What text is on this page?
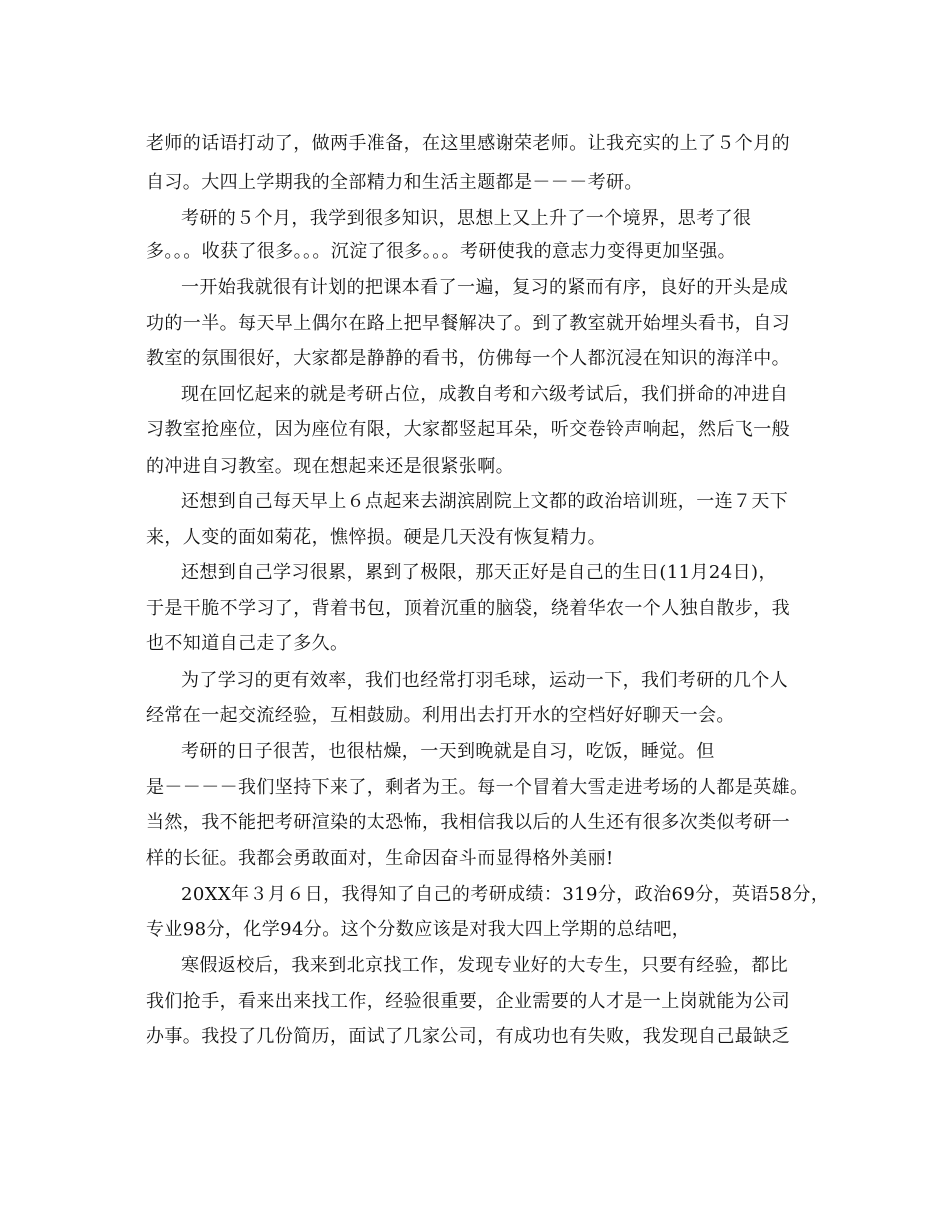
老师的话语打动了，做两手准备，在这里感谢荣老师。让我充实的上了５个月的
自习。大四上学期我的全部精力和生活主题都是－－－考研。
考研的５个月，我学到很多知识，思想上又上升了一个境界，思考了很
多。。。收获了很多。。。沉淀了很多。。。考研使我的意志力变得更加坚强。
一开始我就很有计划的把课本看了一遍，复习的紧而有序，良好的开头是成
功的一半。每天早上偶尔在路上把早餐解决了。到了教室就开始埋头看书，自习
教室的氛围很好，大家都是静静的看书，仿佛每一个人都沉浸在知识的海洋中。
现在回忆起来的就是考研占位，成教自考和六级考试后，我们拼命的冲进自
习教室抢座位，因为座位有限，大家都竖起耳朵，听交卷铃声响起，然后飞一般
的冲进自习教室。现在想起来还是很紧张啊。
还想到自己每天早上６点起来去湖滨剧院上文都的政治培训班，一连７天下
来，人变的面如菊花，憔悴损。硬是几天没有恢复精力。
还想到自己学习很累，累到了极限，那天正好是自己的生日(11月24日)，
于是干脆不学习了，背着书包，顶着沉重的脑袋，绕着华农一个人独自散步，我
也不知道自己走了多久。
为了学习的更有效率，我们也经常打羽毛球，运动一下，我们考研的几个人
经常在一起交流经验，互相鼓励。利用出去打开水的空档好好聊天一会。
考研的日子很苦，也很枯燥，一天到晚就是自习，吃饭，睡觉。但
是－－－－我们坚持下来了，剩者为王。每一个冒着大雪走进考场的人都是英雄。
当然，我不能把考研渲染的太恐怖，我相信我以后的人生还有很多次类似考研一
样的长征。我都会勇敢面对，生命因奋斗而显得格外美丽!
20XX年３月６日，我得知了自己的考研成绩：319分，政治69分，英语58分，
专业98分，化学94分。这个分数应该是对我大四上学期的总结吧，
寒假返校后，我来到北京找工作，发现专业好的大专生，只要有经验，都比
我们抢手，看来出来找工作，经验很重要，企业需要的人才是一上岗就能为公司
办事。我投了几份简历，面试了几家公司，有成功也有失败，我发现自己最缺乏
